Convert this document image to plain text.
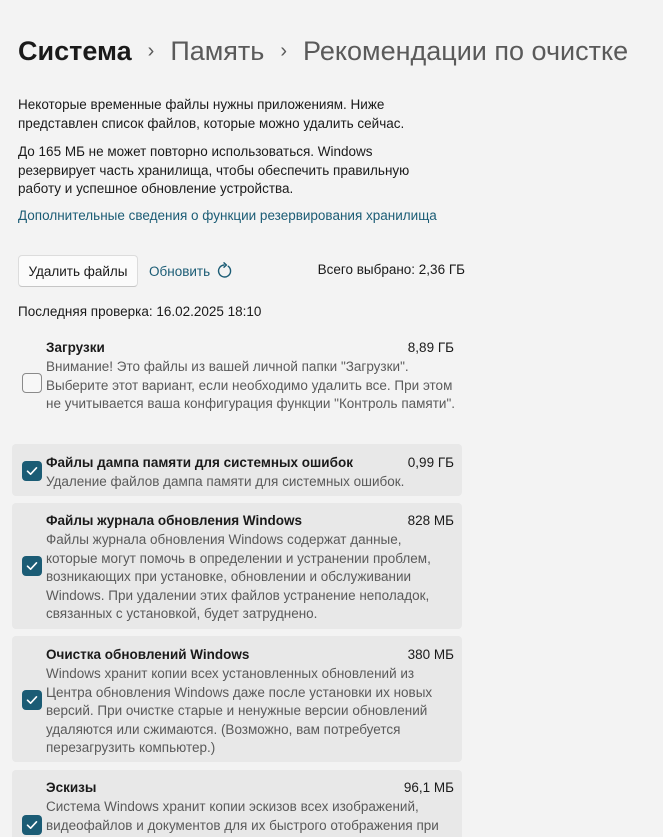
Система › Память › Рекомендации по очистке
Некоторые временные файлы нужны приложениям. Ниже представлен список файлов, которые можно удалить сейчас.
До 165 МБ не может повторно использоваться. Windows резервирует часть хранилища, чтобы обеспечить правильную работу и успешное обновление устройства.
Дополнительные сведения о функции резервирования хранилища
Удалить файлы	Обновить	Всего выбрано: 2,36 ГБ
Последняя проверка: 16.02.2025 18:10
Загрузки	8,89 ГБ
Внимание! Это файлы из вашей личной папки "Загрузки". Выберите этот вариант, если необходимо удалить все. При этом не учитывается ваша конфигурация функции "Контроль памяти".
Файлы дампа памяти для системных ошибок	0,99 ГБ
Удаление файлов дампа памяти для системных ошибок.
Файлы журнала обновления Windows	828 МБ
Файлы журнала обновления Windows содержат данные, которые могут помочь в определении и устранении проблем, возникающих при установке, обновлении и обслуживании Windows. При удалении этих файлов устранение неполадок, связанных с установкой, будет затруднено.
Очистка обновлений Windows	380 МБ
Windows хранит копии всех установленных обновлений из Центра обновления Windows даже после установки их новых версий. При очистке старые и ненужные версии обновлений удаляются или сжимаются. (Возможно, вам потребуется перезагрузить компьютер.)
Эскизы	96,1 МБ
Система Windows хранит копии эскизов всех изображений, видеофайлов и документов для их быстрого отображения при
